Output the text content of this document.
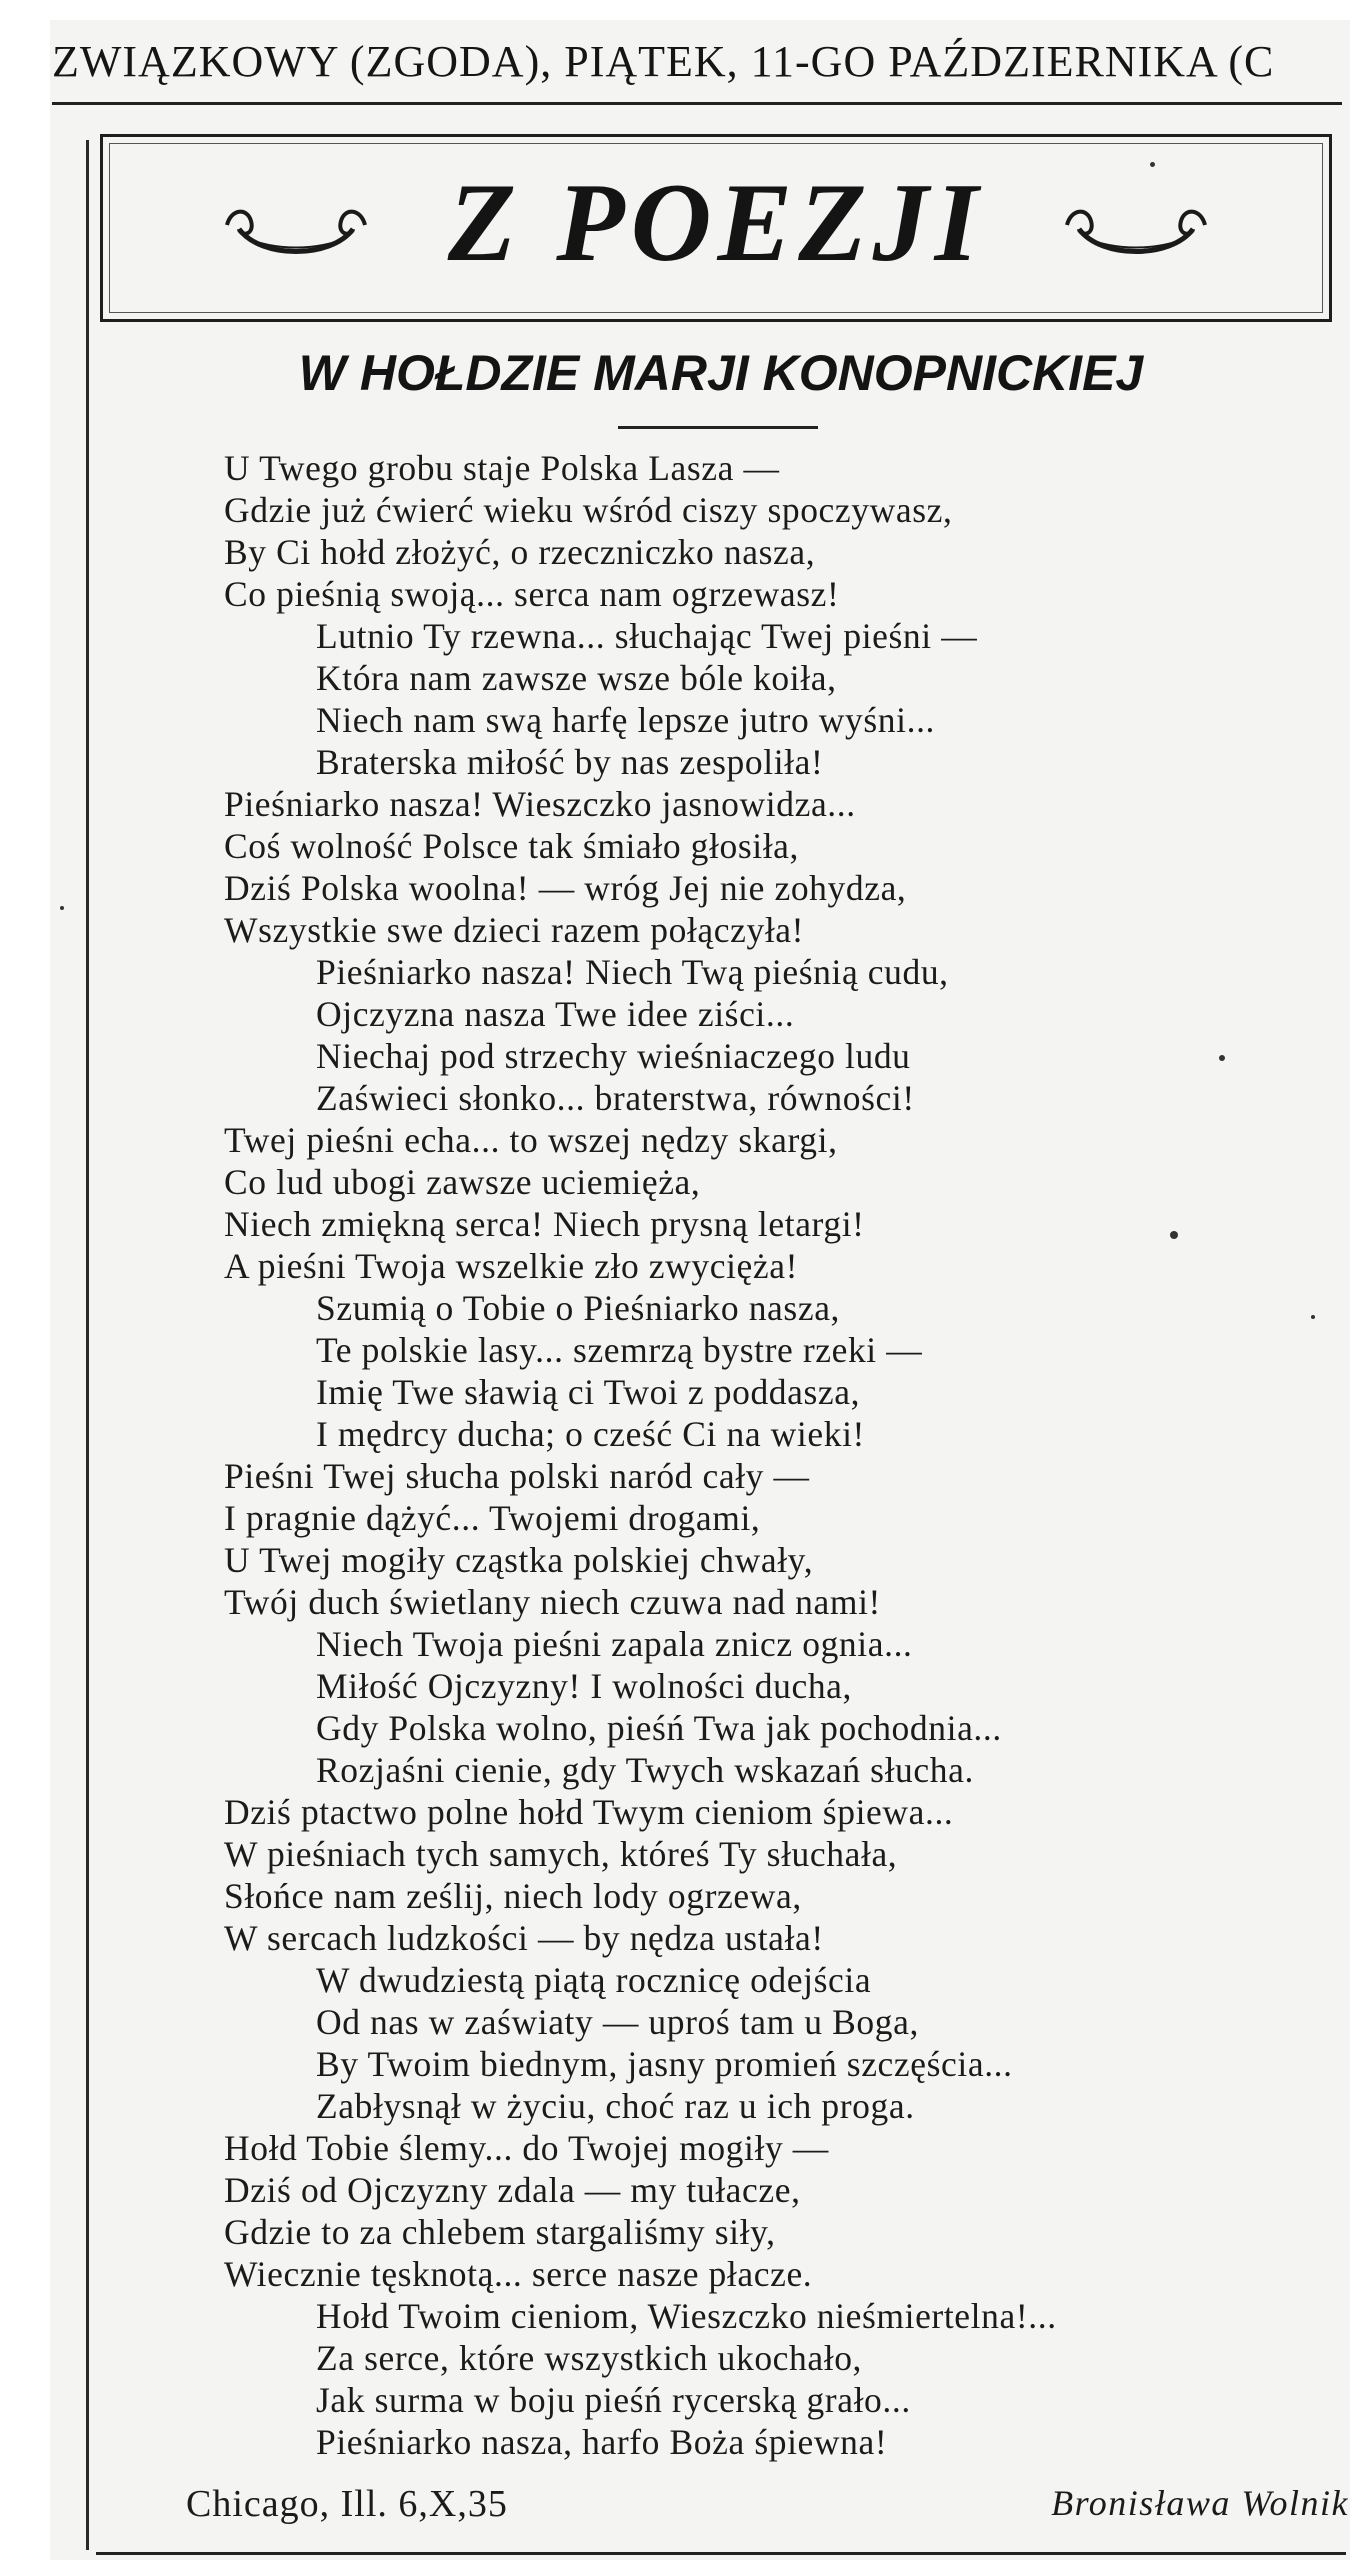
ZWIĄZKOWY (ZGODA), PIĄTEK, 11-GO PAŹDZIERNIKA (C
Z POEZJI
W HOŁDZIE MARJI KONOPNICKIEJ
U Twego grobu staje Polska Lasza —
Gdzie już ćwierć wieku wśród ciszy spoczywasz,
By Ci hołd złożyć, o rzeczniczko nasza,
Co pieśnią swoją... serca nam ogrzewasz!
Lutnio Ty rzewna... słuchając Twej pieśni —
Która nam zawsze wsze bóle koiła,
Niech nam swą harfę lepsze jutro wyśni...
Braterska miłość by nas zespoliła!
Pieśniarko nasza! Wieszczko jasnowidza...
Coś wolność Polsce tak śmiało głosiła,
Dziś Polska woolna! — wróg Jej nie zohydza,
Wszystkie swe dzieci razem połączyła!
Pieśniarko nasza! Niech Twą pieśnią cudu,
Ojczyzna nasza Twe idee ziści...
Niechaj pod strzechy wieśniaczego ludu
Zaświeci słonko... braterstwa, równości!
Twej pieśni echa... to wszej nędzy skargi,
Co lud ubogi zawsze uciemięża,
Niech zmiękną serca! Niech prysną letargi!
A pieśni Twoja wszelkie zło zwycięża!
Szumią o Tobie o Pieśniarko nasza,
Te polskie lasy... szemrzą bystre rzeki —
Imię Twe sławią ci Twoi z poddasza,
I mędrcy ducha; o cześć Ci na wieki!
Pieśni Twej słucha polski naród cały —
I pragnie dążyć... Twojemi drogami,
U Twej mogiły cząstka polskiej chwały,
Twój duch świetlany niech czuwa nad nami!
Niech Twoja pieśni zapala znicz ognia...
Miłość Ojczyzny! I wolności ducha,
Gdy Polska wolno, pieśń Twa jak pochodnia...
Rozjaśni cienie, gdy Twych wskazań słucha.
Dziś ptactwo polne hołd Twym cieniom śpiewa...
W pieśniach tych samych, któreś Ty słuchała,
Słońce nam ześlij, niech lody ogrzewa,
W sercach ludzkości — by nędza ustała!
W dwudziestą piątą rocznicę odejścia
Od nas w zaświaty — uproś tam u Boga,
By Twoim biednym, jasny promień szczęścia...
Zabłysnął w życiu, choć raz u ich proga.
Hołd Tobie ślemy... do Twojej mogiły —
Dziś od Ojczyzny zdala — my tułacze,
Gdzie to za chlebem stargaliśmy siły,
Wiecznie tęsknotą... serce nasze płacze.
Hołd Twoim cieniom, Wieszczko nieśmiertelna!...
Za serce, które wszystkich ukochało,
Jak surma w boju pieśń rycerską grało...
Pieśniarko nasza, harfo Boża śpiewna!
Chicago, Ill. 6,X,35	Bronisława Wolnik
